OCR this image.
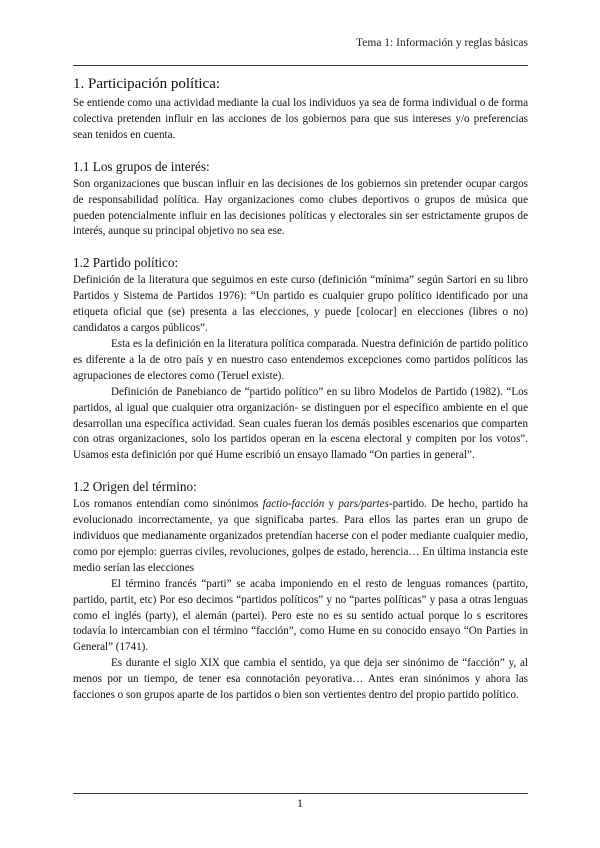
Tema 1: Información y reglas básicas
1. Participación política:

Se entiende como una actividad mediante la cual los individuos ya sea de forma individual o de forma colectiva pretenden influir en las acciones de los gobiernos para que sus intereses y/o preferencias sean tenidos en cuenta.

1.1 Los grupos de interés:

Son organizaciones que buscan influir en las decisiones de los gobiernos sin pretender ocupar cargos de responsabilidad política. Hay organizaciones como clubes deportivos o grupos de música que pueden potencialmente influir en las decisiones políticas y electorales sin ser estrictamente grupos de interés, aunque su principal objetivo no sea ese.

1.2 Partido político:

Definición de la literatura que seguimos en este curso (definición “mínima” según Sartori en su libro Partidos y Sistema de Partidos 1976): “Un partido es cualquier grupo político identificado por una etiqueta oficial que (se) presenta a las elecciones, y puede [colocar] en elecciones (libres o no) candidatos a cargos públicos”.

Esta es la definición en la literatura política comparada. Nuestra definición de partido político es diferente a la de otro país y en nuestro caso entendemos excepciones como partidos políticos las agrupaciones de electores como (Teruel existe).

Definición de Panebianco de “partido político” en su libro Modelos de Partido (1982). “Los partidos, al igual que cualquier otra organización- se distinguen por el específico ambiente en el que desarrollan una específica actividad. Sean cuales fueran los demás posibles escenarios que comparten con otras organizaciones, solo los partidos operan en la escena electoral y compiten por los votos”. Usamos esta definición por qué Hume escribió un ensayo llamado “On parties in general”.

1.2 Origen del término:

Los romanos entendían como sinónimos factio-facción y pars/partes-partido. De hecho, partido ha evolucionado incorrectamente, ya que significaba partes. Para ellos las partes eran un grupo de individuos que medianamente organizados pretendían hacerse con el poder mediante cualquier medio, como por ejemplo: guerras civiles, revoluciones, golpes de estado, herencia… En última instancia este medio serían las elecciones

El término francés “parti” se acaba imponiendo en el resto de lenguas romances (partito, partido, partit, etc) Por eso decimos “partidos políticos” y no “partes políticas” y pasa a otras lenguas como el inglés (party), el alemán (partei). Pero este no es su sentido actual porque lo s escritores todavía lo intercambian con el término “facción”, como Hume en su conocido ensayo “On Parties in General” (1741).

Es durante el siglo XIX que cambia el sentido, ya que deja ser sinónimo de “facción” y, al menos por un tiempo, de tener esa connotación peyorativa… Antes eran sinónimos y ahora las facciones o son grupos aparte de los partidos o bien son vertientes dentro del propio partido político.

1
